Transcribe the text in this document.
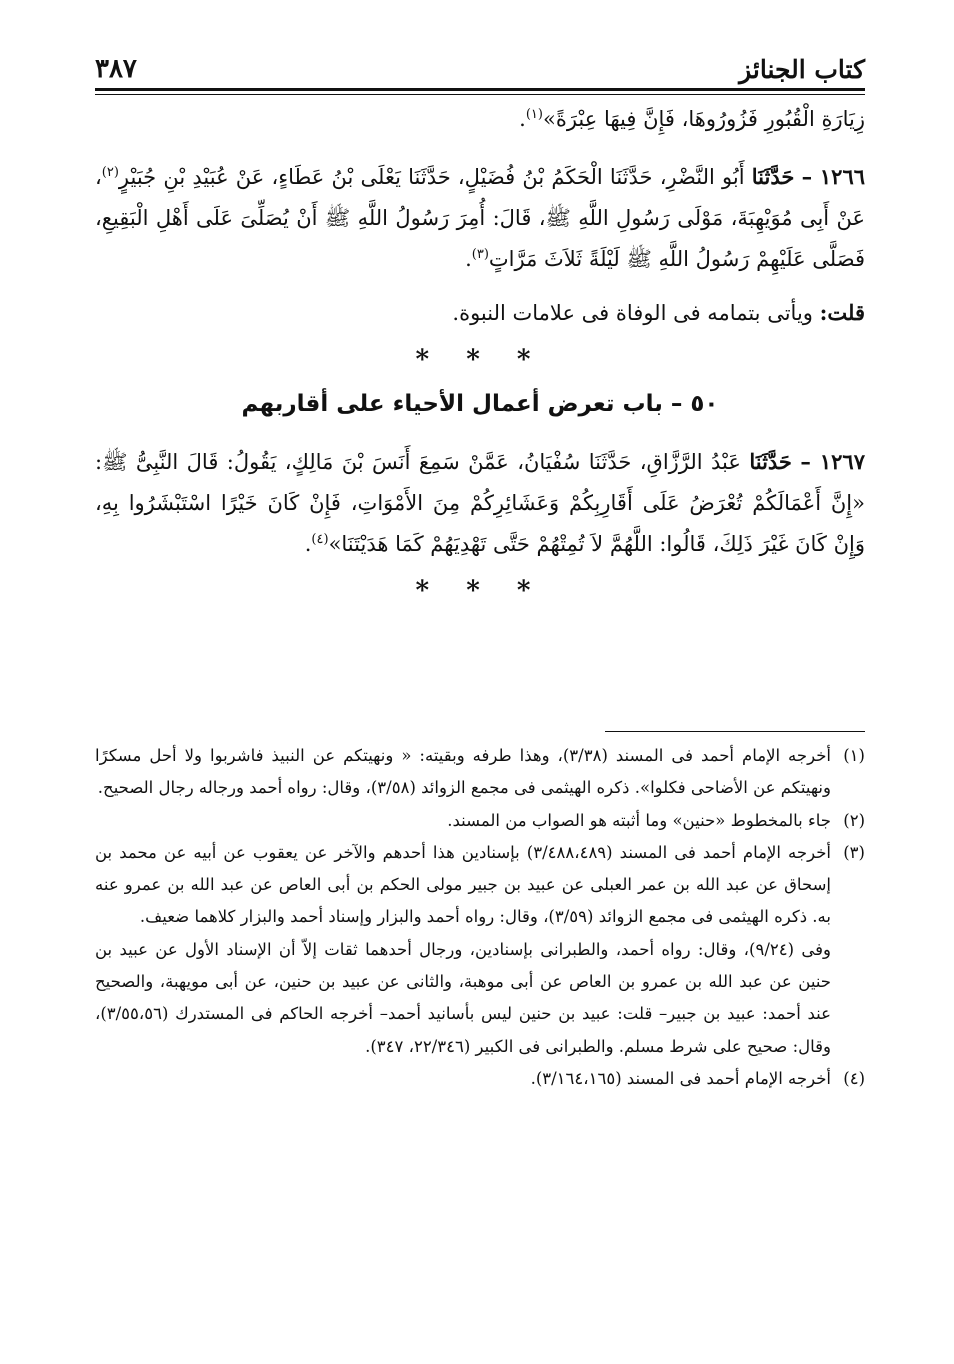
كتاب الجنائز
٣٨٧

زِيَارَةِ الْقُبُورِ فَزُورُوهَا، فَإِنَّ فِيهَا عِبْرَةً»$^{(١)}$.

١٢٦٦ – حَدَّثَنَا أَبُو النَّضْرِ، حَدَّثَنَا الْحَكَمُ بْنُ فُضَيْلٍ، حَدَّثَنَا يَعْلَى بْنُ عَطَاءٍ، عَنْ عُبَيْدِ بْنِ جُبَيْرٍ$^{(٢)}$، عَنْ أَبِى مُوَيْهِبَةَ، مَوْلَى رَسُولِ اللَّهِ ﷺ، قَالَ: أُمِرَ رَسُولُ اللَّهِ ﷺ أَنْ يُصَلِّىَ عَلَى أَهْلِ الْبَقِيعِ، فَصَلَّى عَلَيْهِمْ رَسُولُ اللَّهِ ﷺ لَيْلَةً ثَلاَثَ مَرَّاتٍ$^{(٣)}$.

قلت: ويأتى بتمامه فى الوفاة فى علامات النبوة.

* * *

٥٠ – باب تعرض أعمال الأحياء على أقاربهم

١٢٦٧ – حَدَّثَنَا عَبْدُ الرَّزَّاقِ، حَدَّثَنَا سُفْيَانُ، عَمَّنْ سَمِعَ أَنَسَ بْنَ مَالِكٍ، يَقُولُ: قَالَ النَّبِىُّ ﷺ: «إِنَّ أَعْمَالَكُمْ تُعْرَضُ عَلَى أَقَارِبِكُمْ وَعَشَائِرِكُمْ مِنَ الأَمْوَاتِ، فَإِنْ كَانَ خَيْرًا اسْتَبْشَرُوا بِهِ، وَإِنْ كَانَ غَيْرَ ذَلِكَ، قَالُوا: اللَّهُمَّ لاَ تُمِتْهُمْ حَتَّى تَهْدِيَهُمْ كَمَا هَدَيْتَنَا»$^{(٤)}$.

* * *

(١)أخرجه الإمام أحمد فى المسند (٣/٣٨)، وهذا طرفه وبقيته: « ونهيتكم عن النبيذ فاشربوا ولا أحل مسكرًا ونهيتكم عن الأضاحى فكلوا». ذكره الهيثمى فى مجمع الزوائد (٣/٥٨)، وقال: رواه أحمد ورجاله رجال الصحيح.

(٢)جاء بالمخطوط «حنين» وما أثبته هو الصواب من المسند.

(٣)أخرجه الإمام أحمد فى المسند (٣/٤٨٨،٤٨٩) بإسنادين هذا أحدهم والآخر عن يعقوب عن أبيه عن محمد بن إسحاق عن عبد الله بن عمر العبلى عن عبيد بن جبير مولى الحكم بن أبى العاص عن عبد الله بن عمرو عنه به. ذكره الهيثمى فى مجمع الزوائد (٣/٥٩)، وقال: رواه أحمد والبزار وإسناد أحمد والبزار كلاهما ضعيف.

وفى (٩/٢٤)، وقال: رواه أحمد، والطبرانى بإسنادين، ورجال أحدهما ثقات إلاّ أن الإسناد الأول عن عبيد بن حنين عن عبد الله بن عمرو بن العاص عن أبى موهبة، والثانى عن عبيد بن حنين، عن أبى مويهبة، والصحيح عند أحمد: عبيد بن جبير– قلت: عبيد بن حنين ليس بأسانيد أحمد– أخرجه الحاكم فى المستدرك (٣/٥٥،٥٦)، وقال: صحيح على شرط مسلم. والطبرانى فى الكبير (٢٢/٣٤٦، ٣٤٧).

(٤)أخرجه الإمام أحمد فى المسند (٣/١٦٤،١٦٥).
